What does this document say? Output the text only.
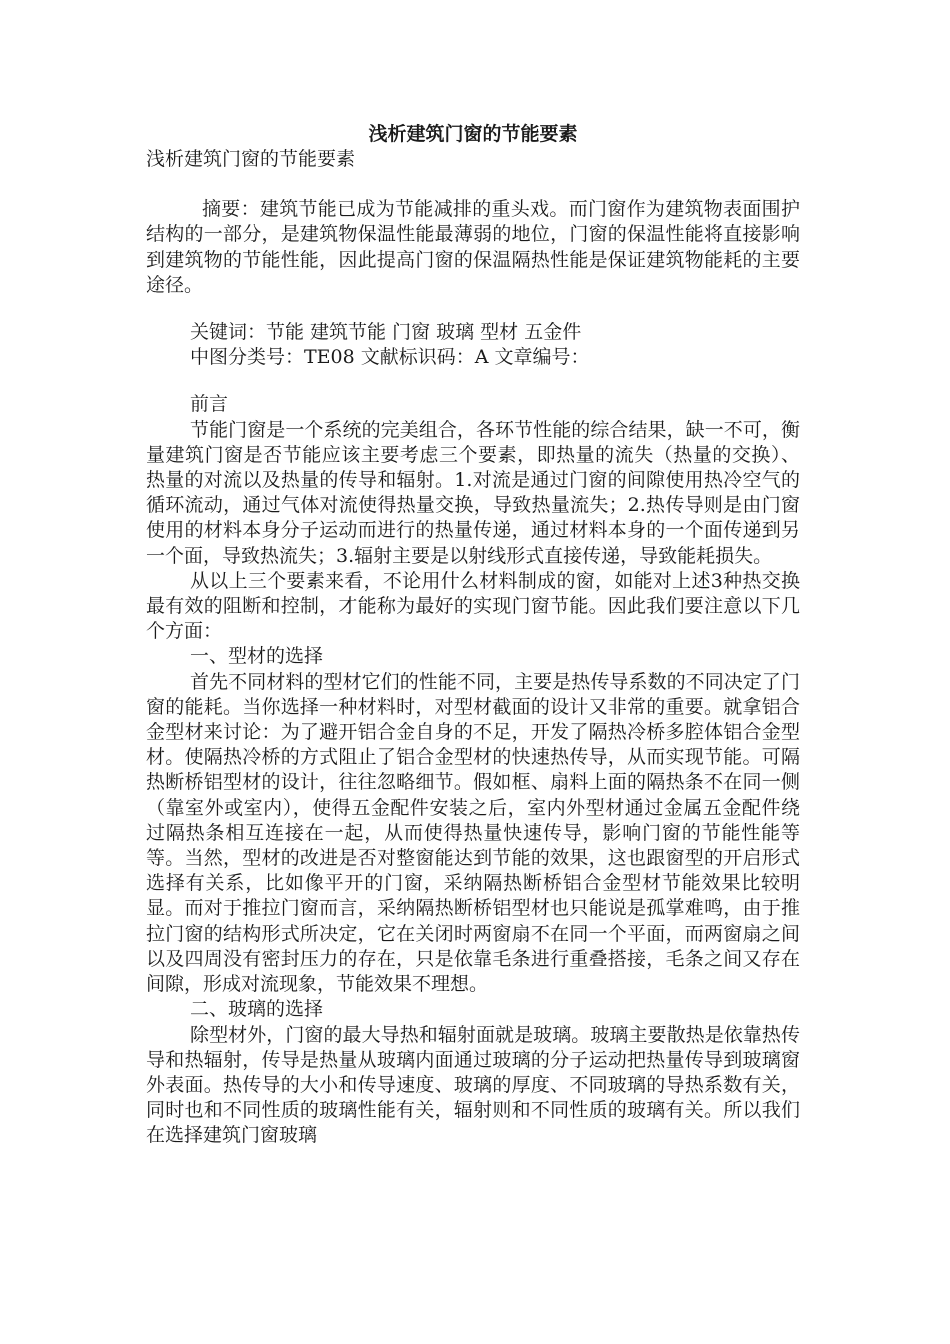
浅析建筑门窗的节能要素

浅析建筑门窗的节能要素

摘要：建筑节能已成为节能减排的重头戏。而门窗作为建筑物表面围护结构的一部分，是建筑物保温性能最薄弱的地位，门窗的保温性能将直接影响到建筑物的节能性能，因此提高门窗的保温隔热性能是保证建筑物能耗的主要途径。

关键词：节能 建筑节能 门窗 玻璃 型材 五金件

中图分类号：TE08 文献标识码：A 文章编号：

前言

节能门窗是一个系统的完美组合，各环节性能的综合结果，缺一不可，衡量建筑门窗是否节能应该主要考虑三个要素，即热量的流失（热量的交换）、热量的对流以及热量的传导和辐射。1.对流是通过门窗的间隙使用热冷空气的循环流动，通过气体对流使得热量交换，导致热量流失；2.热传导则是由门窗使用的材料本身分子运动而进行的热量传递，通过材料本身的一个面传递到另一个面，导致热流失；3.辐射主要是以射线形式直接传递，导致能耗损失。

从以上三个要素来看，不论用什么材料制成的窗，如能对上述3种热交换最有效的阻断和控制，才能称为最好的实现门窗节能。因此我们要注意以下几个方面：

一、型材的选择

首先不同材料的型材它们的性能不同，主要是热传导系数的不同决定了门窗的能耗。当你选择一种材料时，对型材截面的设计又非常的重要。就拿铝合金型材来讨论：为了避开铝合金自身的不足，开发了隔热冷桥多腔体铝合金型材。使隔热冷桥的方式阻止了铝合金型材的快速热传导，从而实现节能。可隔热断桥铝型材的设计，往往忽略细节。假如框、扇料上面的隔热条不在同一侧（靠室外或室内），使得五金配件安装之后，室内外型材通过金属五金配件绕过隔热条相互连接在一起，从而使得热量快速传导，影响门窗的节能性能等等。当然，型材的改进是否对整窗能达到节能的效果，这也跟窗型的开启形式选择有关系，比如像平开的门窗，采纳隔热断桥铝合金型材节能效果比较明显。而对于推拉门窗而言，采纳隔热断桥铝型材也只能说是孤掌难鸣，由于推拉门窗的结构形式所决定，它在关闭时两窗扇不在同一个平面，而两窗扇之间以及四周没有密封压力的存在，只是依靠毛条进行重叠搭接，毛条之间又存在间隙，形成对流现象，节能效果不理想。

二、玻璃的选择

除型材外，门窗的最大导热和辐射面就是玻璃。玻璃主要散热是依靠热传导和热辐射，传导是热量从玻璃内面通过玻璃的分子运动把热量传导到玻璃窗外表面。热传导的大小和传导速度、玻璃的厚度、不同玻璃的导热系数有关，同时也和不同性质的玻璃性能有关，辐射则和不同性质的玻璃有关。所以我们在选择建筑门窗玻璃
